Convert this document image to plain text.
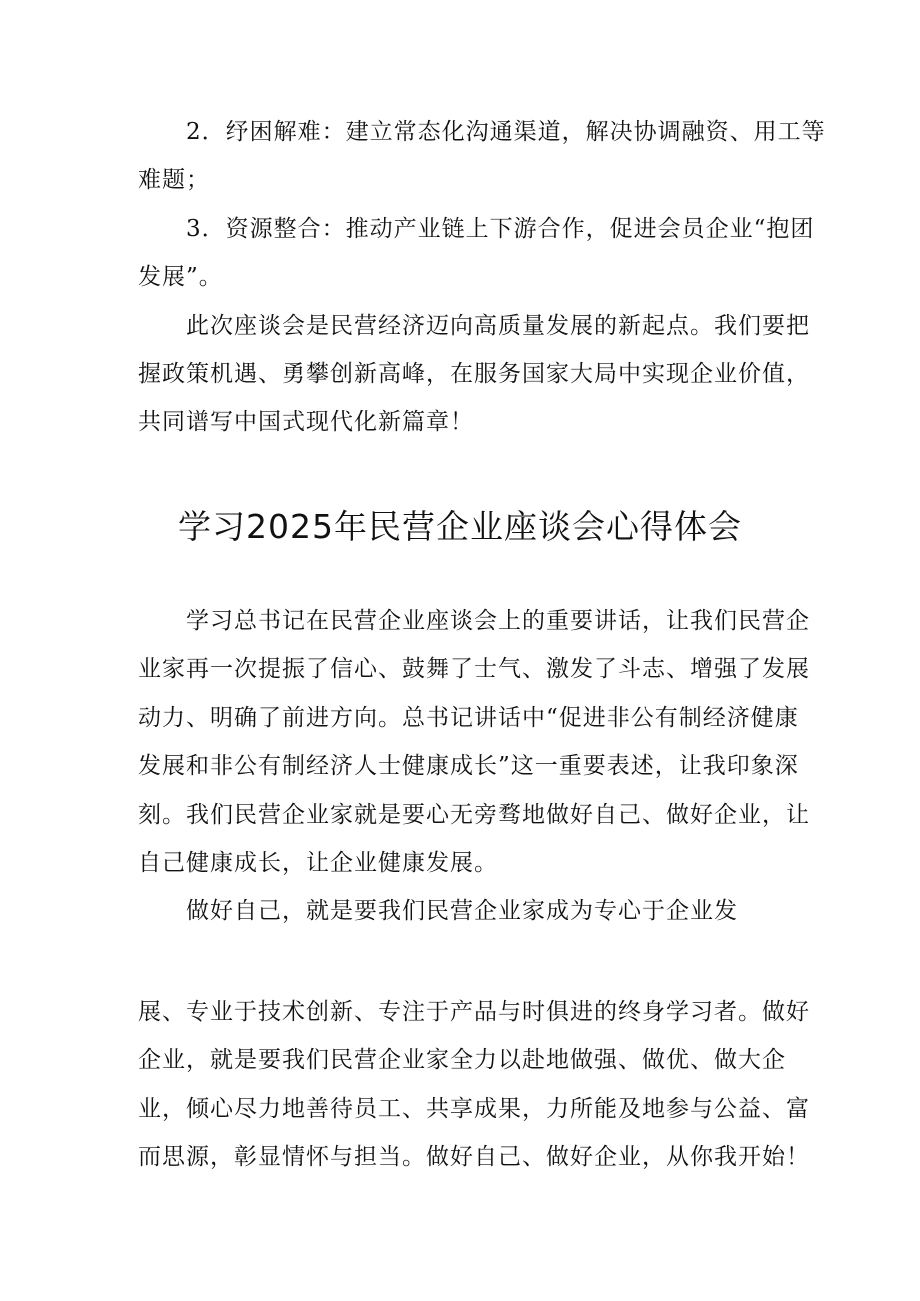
2．纾困解难：建立常态化沟通渠道，解决协调融资、用工等

难题；

3．资源整合：推动产业链上下游合作，促进会员企业“抱团

发展”。

此次座谈会是民营经济迈向高质量发展的新起点。我们要把

握政策机遇、勇攀创新高峰，在服务国家大局中实现企业价值，

共同谱写中国式现代化新篇章！

学习2025年民营企业座谈会心得体会

学习总书记在民营企业座谈会上的重要讲话，让我们民营企

业家再一次提振了信心、鼓舞了士气、激发了斗志、增强了发展

动力、明确了前进方向。总书记讲话中“促进非公有制经济健康

发展和非公有制经济人士健康成长”这一重要表述，让我印象深

刻。我们民营企业家就是要心无旁骛地做好自己、做好企业，让

自己健康成长，让企业健康发展。

做好自己，就是要我们民营企业家成为专心于企业发

展、专业于技术创新、专注于产品与时俱进的终身学习者。做好

企业，就是要我们民营企业家全力以赴地做强、做优、做大企

业，倾心尽力地善待员工、共享成果，力所能及地参与公益、富

而思源，彰显情怀与担当。做好自己、做好企业，从你我开始！
